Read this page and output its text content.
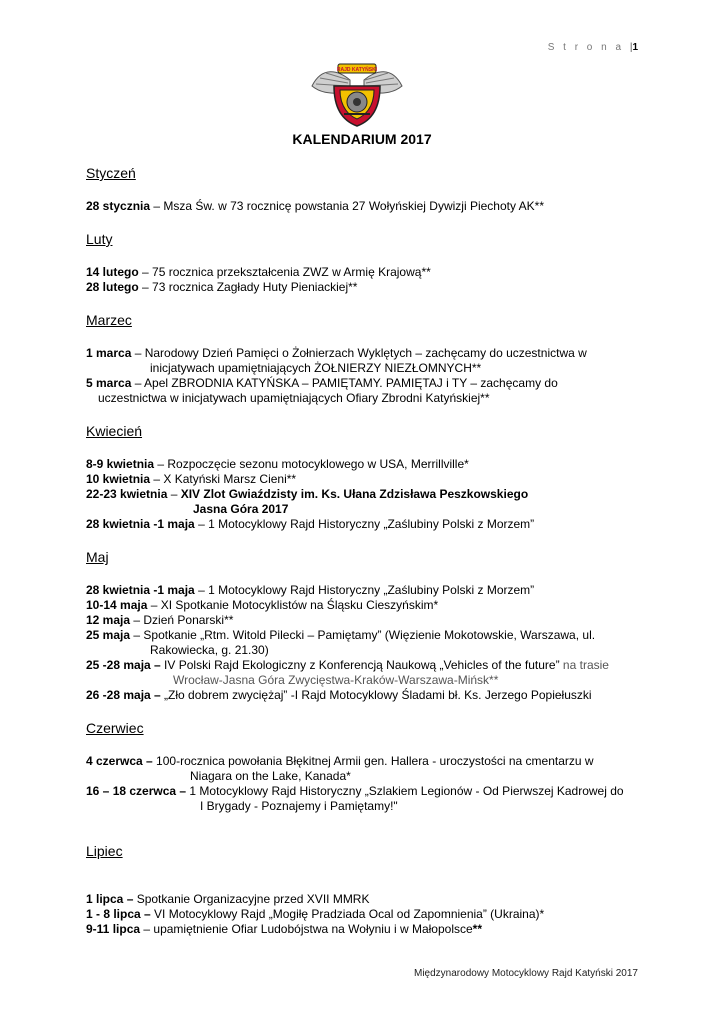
S t r o n a |1
RAJD KATYŃSKI
KALENDARIUM 2017
Styczeń
28 stycznia – Msza Św. w 73 rocznicę powstania 27 Wołyńskiej Dywizji Piechoty AK**
Luty
14 lutego – 75 rocznica przekształcenia ZWZ w Armię Krajową**
28 lutego – 73 rocznica Zagłady Huty Pieniackiej**
Marzec
1 marca – Narodowy Dzień Pamięci o Żołnierzach Wyklętych – zachęcamy do uczestnictwa w
inicjatywach upamiętniających ŻOŁNIERZY NIEZŁOMNYCH**
5 marca – Apel ZBRODNIA KATYŃSKA – PAMIĘTAMY. PAMIĘTAJ i TY – zachęcamy do
uczestnictwa w inicjatywach upamiętniających Ofiary Zbrodni Katyńskiej**
Kwiecień
8-9 kwietnia – Rozpoczęcie sezonu motocyklowego w USA, Merrillville*
10 kwietnia – X Katyński Marsz Cieni**
22-23 kwietnia – XIV Zlot Gwiaździsty im. Ks. Ułana Zdzisława Peszkowskiego
Jasna Góra 2017
28 kwietnia -1 maja – 1 Motocyklowy Rajd Historyczny „Zaślubiny Polski z Morzem”
Maj
28 kwietnia -1 maja – 1 Motocyklowy Rajd Historyczny „Zaślubiny Polski z Morzem”
10-14 maja – XI Spotkanie Motocyklistów na Śląsku Cieszyńskim*
12 maja – Dzień Ponarski**
25 maja – Spotkanie „Rtm. Witold Pilecki – Pamiętamy” (Więzienie Mokotowskie, Warszawa, ul.
Rakowiecka, g. 21.30)
25 -28 maja – IV Polski Rajd Ekologiczny z Konferencją Naukową „Vehicles of the future” na trasie
Wrocław-Jasna Góra Zwycięstwa-Kraków-Warszawa-Mińsk**
26 -28 maja – „Zło dobrem zwyciężaj” -I Rajd Motocyklowy Śladami bł. Ks. Jerzego Popiełuszki
Czerwiec
4 czerwca – 100-rocznica powołania Błękitnej Armii gen. Hallera - uroczystości na cmentarzu w
Niagara on the Lake, Kanada*
16 – 18 czerwca – 1 Motocyklowy Rajd Historyczny „Szlakiem Legionów - Od Pierwszej Kadrowej do
I Brygady - Poznajemy i Pamiętamy!"
Lipiec
1 lipca – Spotkanie Organizacyjne przed XVII MMRK
1 - 8 lipca – VI Motocyklowy Rajd „Mogiłę Pradziada Ocal od Zapomnienia” (Ukraina)*
9-11 lipca – upamiętnienie Ofiar Ludobójstwa na Wołyniu i w Małopolsce**
Międzynarodowy Motocyklowy Rajd Katyński 2017
